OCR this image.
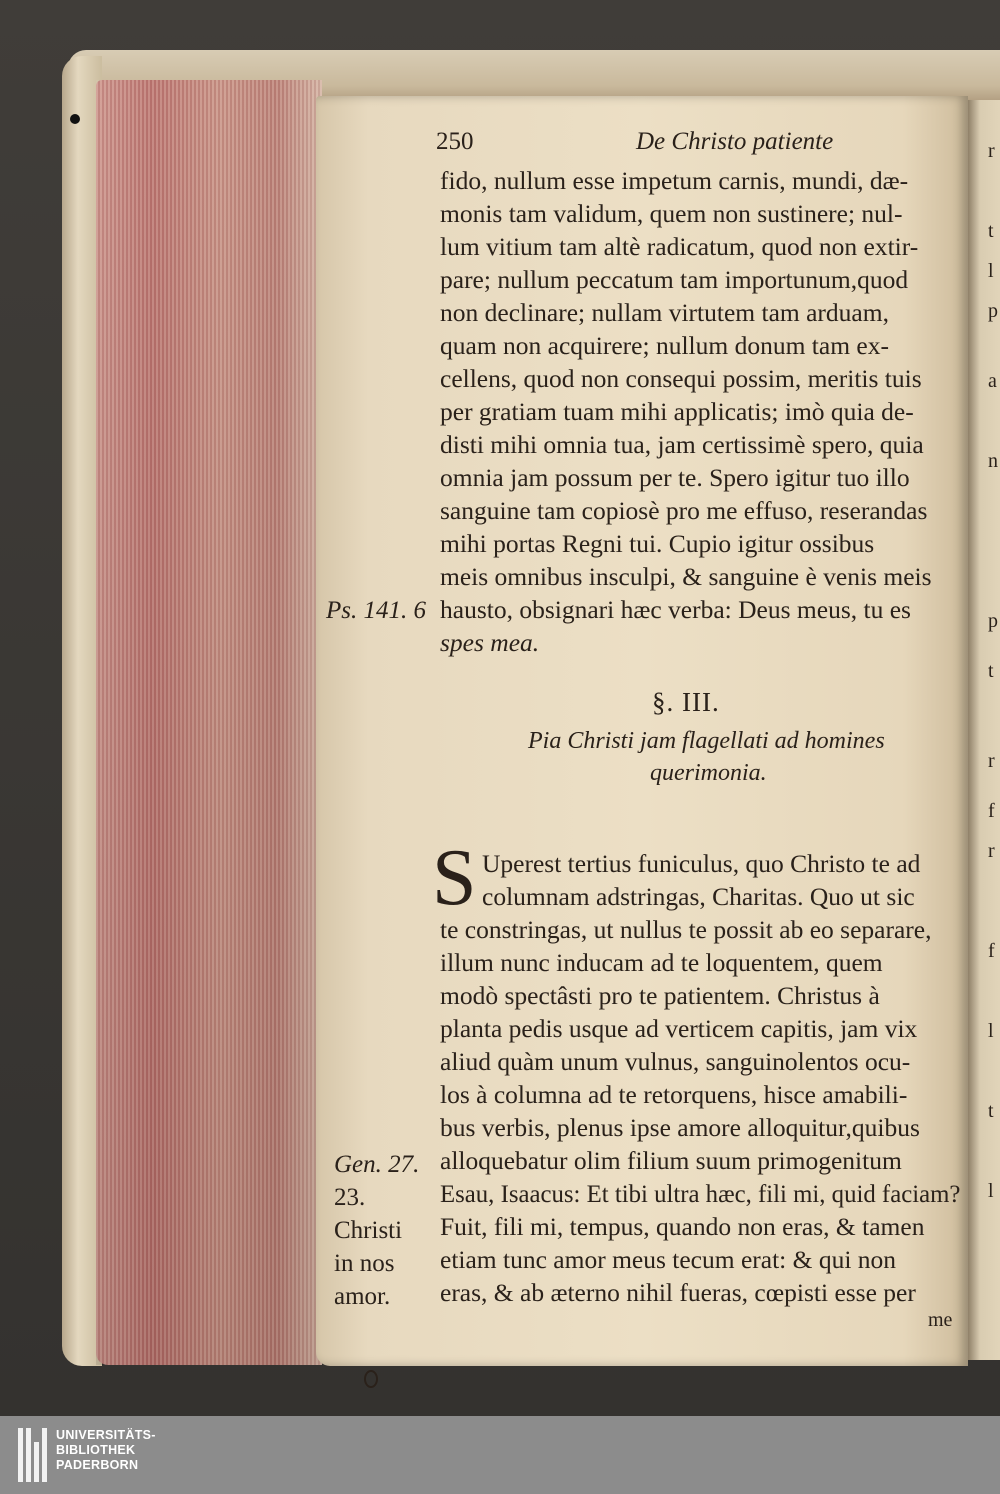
r
t
l
p
a
n
p
t
r
f
r
f
l
t
l
250	De Christo patiente
fido, nullum esse impetum carnis, mundi, dæ-
monis tam validum, quem non sustinere; nul-
lum vitium tam altè radicatum, quod non extir-
pare; nullum peccatum tam importunum,quod
non declinare; nullam virtutem tam arduam,
quam non acquirere; nullum donum tam ex-
cellens, quod non consequi possim, meritis tuis
per gratiam tuam mihi applicatis; imò quia de-
disti mihi omnia tua, jam certissimè spero, quia
omnia jam possum per te. Spero igitur tuo illo
sanguine tam copiosè pro me effuso, reserandas
mihi portas Regni tui. Cupio igitur ossibus
meis omnibus insculpi, & sanguine è venis meis
hausto, obsignari hæc verba: Deus meus, tu es
spes mea.
Ps. 141. 6
§. III.
Pia Christi jam flagellati ad homines
querimonia.
S Uperest tertius funiculus, quo Christo te ad
columnam adstringas, Charitas. Quo ut sic
te constringas, ut nullus te possit ab eo separare,
illum nunc inducam ad te loquentem, quem
modò spectâsti pro te patientem. Christus à
planta pedis usque ad verticem capitis, jam vix
aliud quàm unum vulnus, sanguinolentos ocu-
los à columna ad te retorquens, hisce amabili-
bus verbis, plenus ipse amore alloquitur,quibus
alloquebatur olim filium suum primogenitum
Esau, Isaacus: Et tibi ultra hæc, fili mi, quid faciam?
Fuit, fili mi, tempus, quando non eras, & tamen
etiam tunc amor meus tecum erat: & qui non
eras, & ab æterno nihil fueras, cœpisti esse per
me
Gen. 27.
23.
Christi
in nos
amor.
UNIVERSITÄTS-
BIBLIOTHEK
PADERBORN
